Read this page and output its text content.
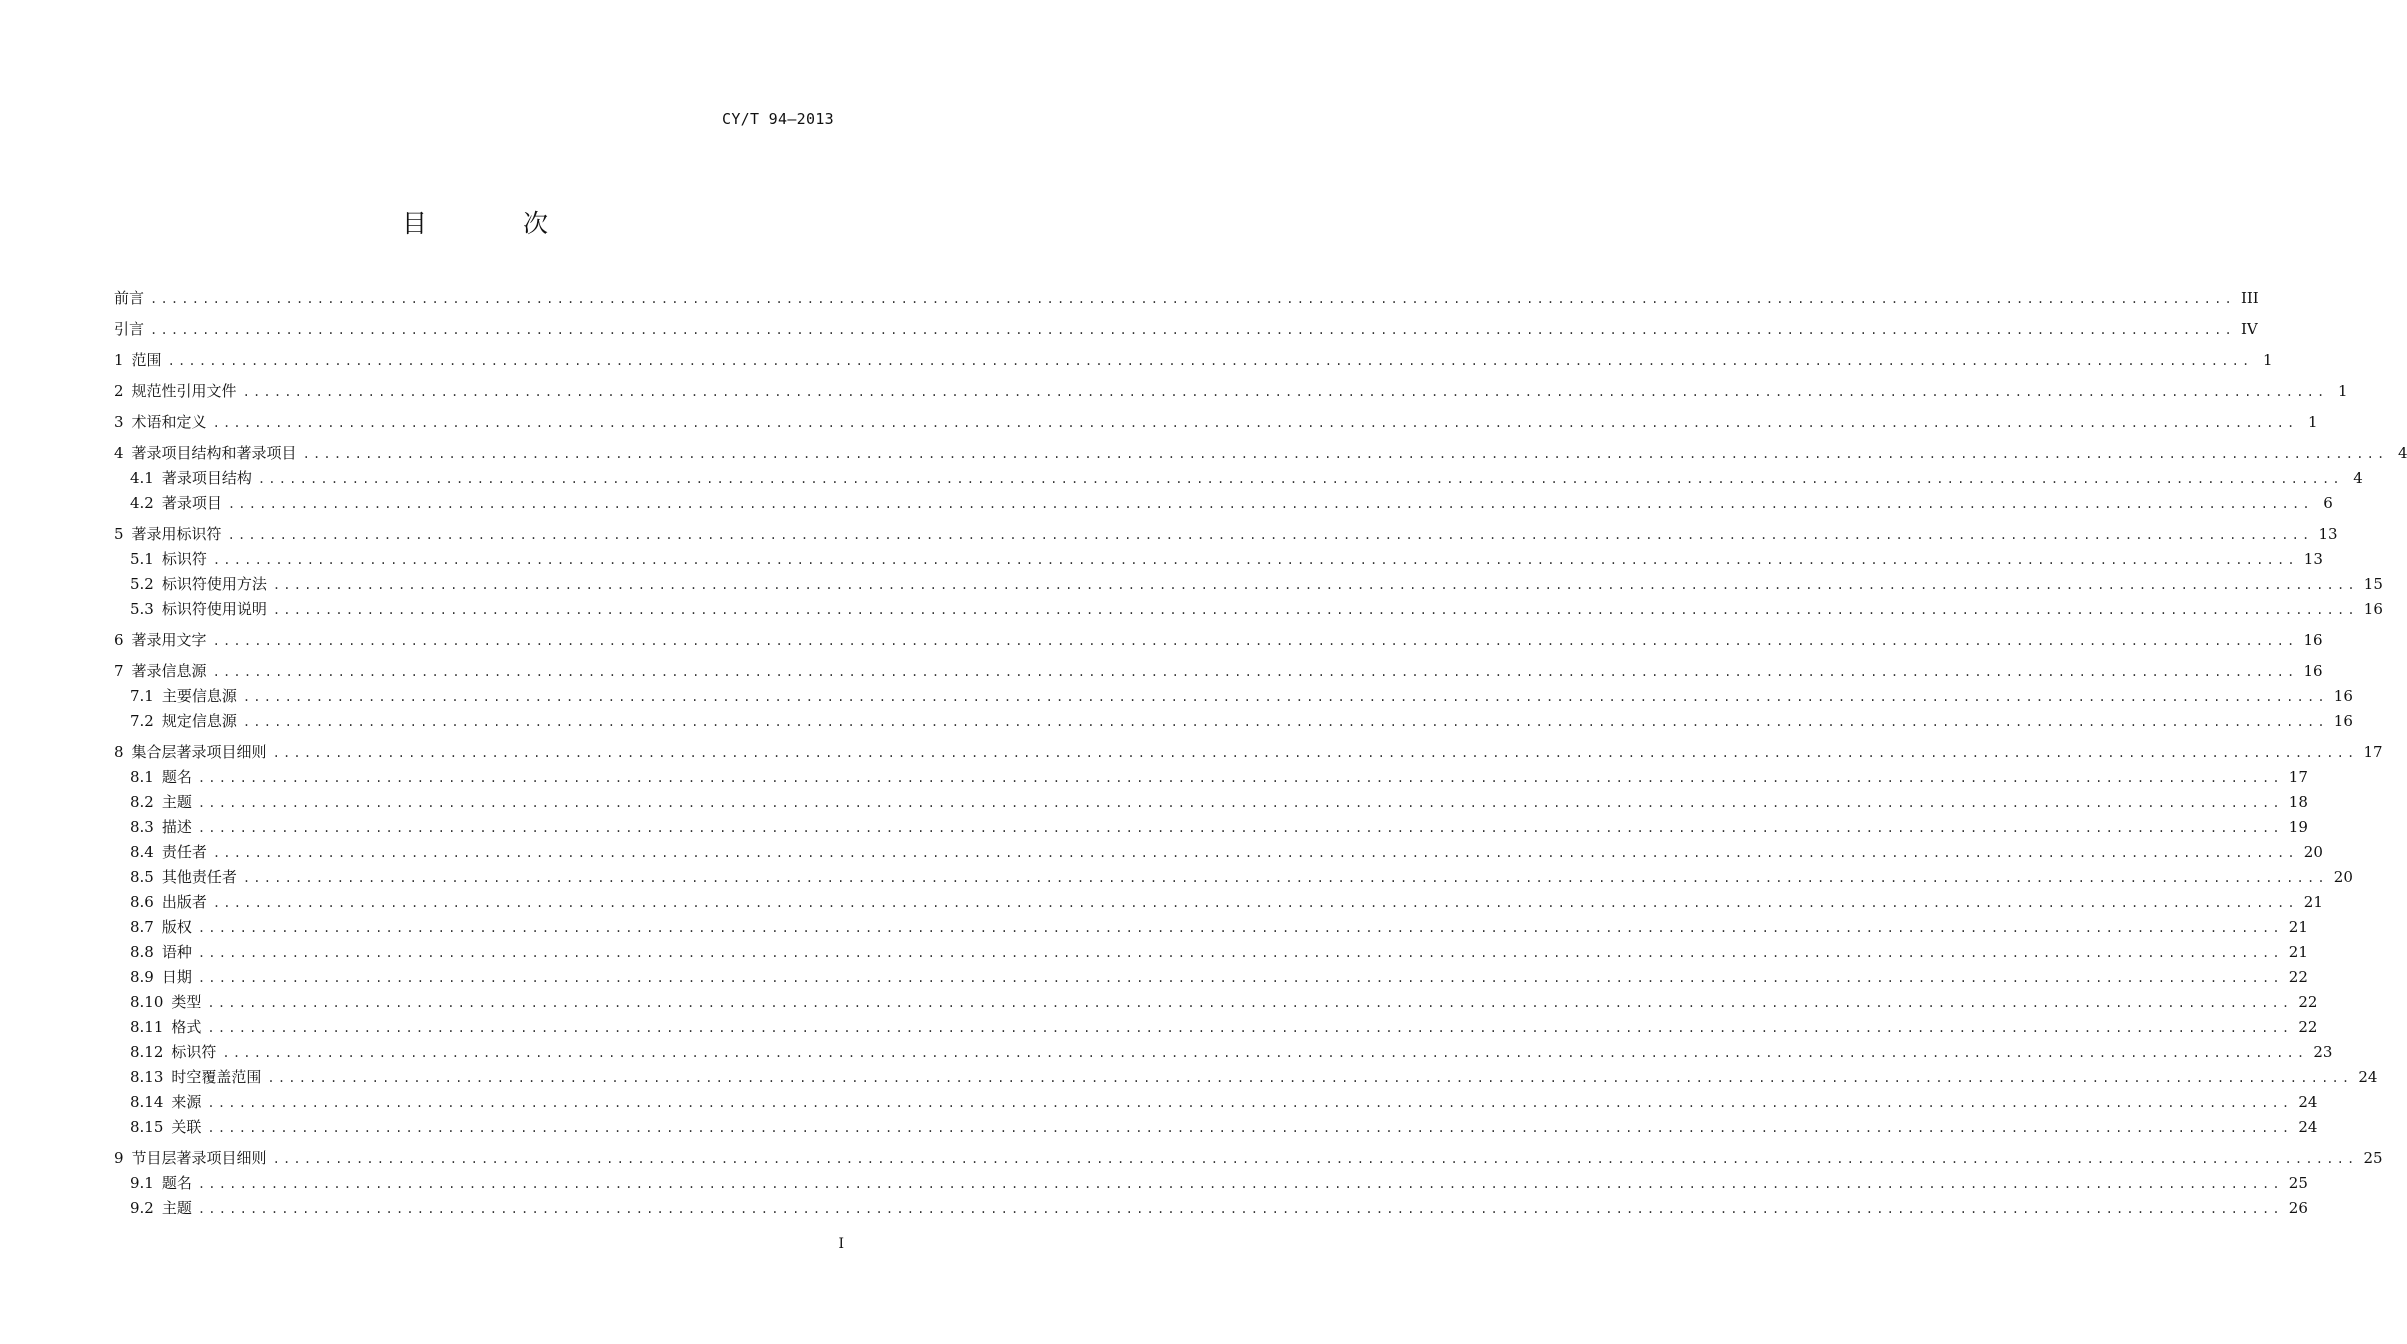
CY/T 94—2013
目 次
前言 ........................................................................................................................................................................................................ III
引言 ........................................................................................................................................................................................................ IV
1 范围 ........................................................................................................................................................................................................ 1
2 规范性引用文件 ........................................................................................................................................................................................................ 1
3 术语和定义 ........................................................................................................................................................................................................ 1
4 著录项目结构和著录项目 ........................................................................................................................................................................................................ 4
4.1 著录项目结构 ........................................................................................................................................................................................................ 4
4.2 著录项目 ........................................................................................................................................................................................................ 6
5 著录用标识符 ........................................................................................................................................................................................................ 13
5.1 标识符 ........................................................................................................................................................................................................ 13
5.2 标识符使用方法 ........................................................................................................................................................................................................ 15
5.3 标识符使用说明 ........................................................................................................................................................................................................ 16
6 著录用文字 ........................................................................................................................................................................................................ 16
7 著录信息源 ........................................................................................................................................................................................................ 16
7.1 主要信息源 ........................................................................................................................................................................................................ 16
7.2 规定信息源 ........................................................................................................................................................................................................ 16
8 集合层著录项目细则 ........................................................................................................................................................................................................ 17
8.1 题名 ........................................................................................................................................................................................................ 17
8.2 主题 ........................................................................................................................................................................................................ 18
8.3 描述 ........................................................................................................................................................................................................ 19
8.4 责任者 ........................................................................................................................................................................................................ 20
8.5 其他责任者 ........................................................................................................................................................................................................ 20
8.6 出版者 ........................................................................................................................................................................................................ 21
8.7 版权 ........................................................................................................................................................................................................ 21
8.8 语种 ........................................................................................................................................................................................................ 21
8.9 日期 ........................................................................................................................................................................................................ 22
8.10 类型 ........................................................................................................................................................................................................ 22
8.11 格式 ........................................................................................................................................................................................................ 22
8.12 标识符 ........................................................................................................................................................................................................ 23
8.13 时空覆盖范围 ........................................................................................................................................................................................................ 24
8.14 来源 ........................................................................................................................................................................................................ 24
8.15 关联 ........................................................................................................................................................................................................ 24
9 节目层著录项目细则 ........................................................................................................................................................................................................ 25
9.1 题名 ........................................................................................................................................................................................................ 25
9.2 主题 ........................................................................................................................................................................................................ 26
I
